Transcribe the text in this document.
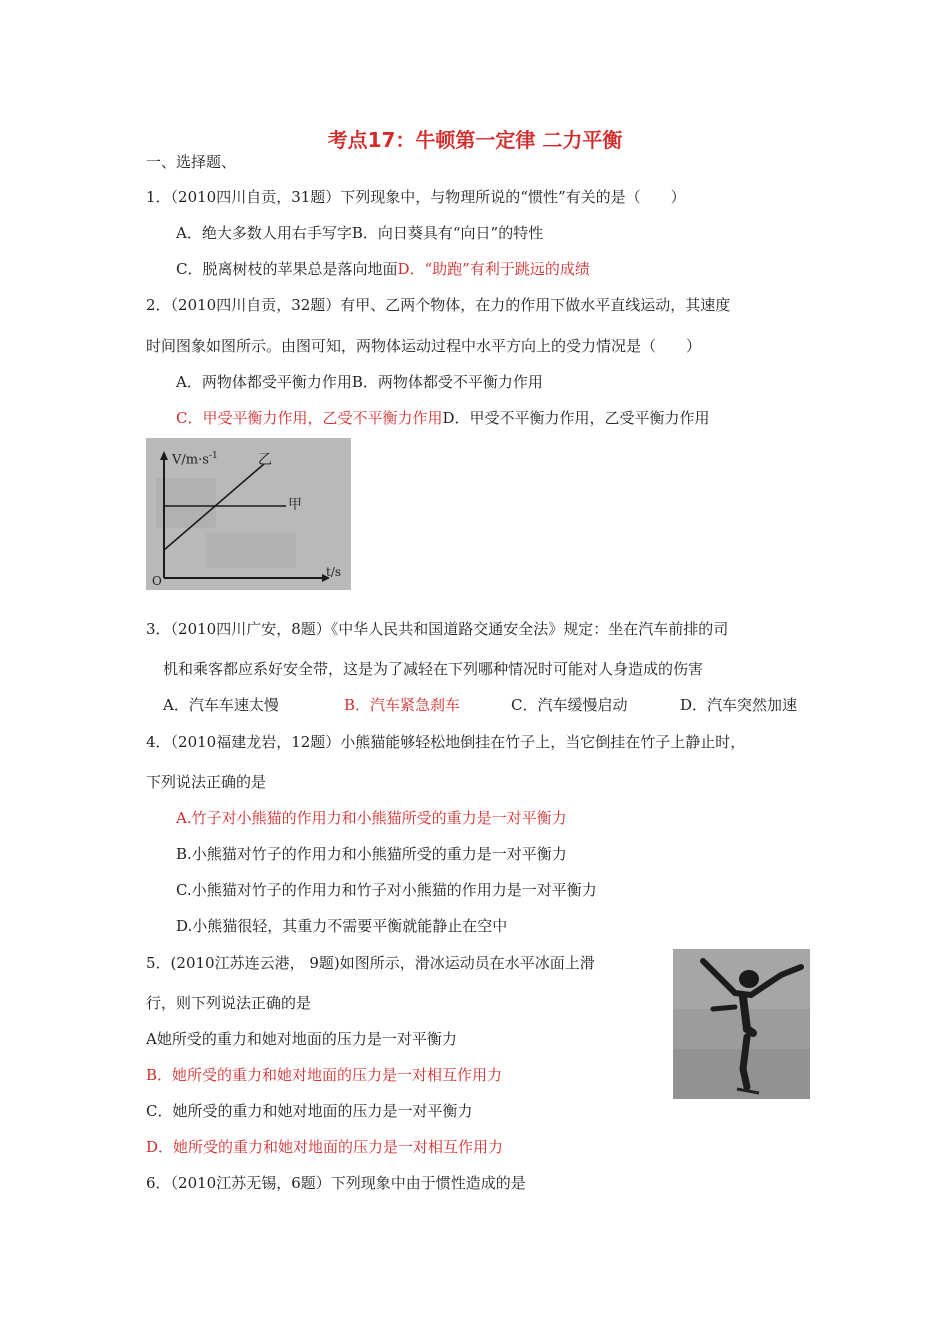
考点17：牛顿第一定律 二力平衡
一、选择题、
1．（2010四川自贡，31题）下列现象中，与物理所说的“惯性”有关的是（　　）
A．绝大多数人用右手写字B．向日葵具有“向日”的特性
C．脱离树枝的苹果总是落向地面D．“助跑”有利于跳远的成绩
2．（2010四川自贡，32题）有甲、乙两个物体，在力的作用下做水平直线运动，其速度
时间图象如图所示。由图可知，两物体运动过程中水平方向上的受力情况是（　　）
A．两物体都受平衡力作用B．两物体都受不平衡力作用
C．甲受平衡力作用，乙受不平衡力作用D．甲受不平衡力作用，乙受平衡力作用
$V/m\cdot s^{-1}$	乙
甲
t/s
O
3．（2010四川广安，8题）《中华人民共和国道路交通安全法》规定：坐在汽车前排的司
机和乘客都应系好安全带，这是为了减轻在下列哪种情况时可能对人身造成的伤害
A．汽车车速太慢	B．汽车紧急刹车	C．汽车缓慢启动	D．汽车突然加速
4．（2010福建龙岩，12题）小熊猫能够轻松地倒挂在竹子上，当它倒挂在竹子上静止时，
下列说法正确的是
A.竹子对小熊猫的作用力和小熊猫所受的重力是一对平衡力
B.小熊猫对竹子的作用力和小熊猫所受的重力是一对平衡力
C.小熊猫对竹子的作用力和竹子对小熊猫的作用力是一对平衡力
D.小熊猫很轻，其重力不需要平衡就能静止在空中
5．(2010江苏连云港， 9题)如图所示，滑冰运动员在水平冰面上滑
行，则下列说法正确的是
A她所受的重力和她对地面的压力是一对平衡力
B．她所受的重力和她对地面的压力是一对相互作用力
C．她所受的重力和她对地面的压力是一对平衡力
D．她所受的重力和她对地面的压力是一对相互作用力
6．（2010江苏无锡，6题）下列现象中由于惯性造成的是
